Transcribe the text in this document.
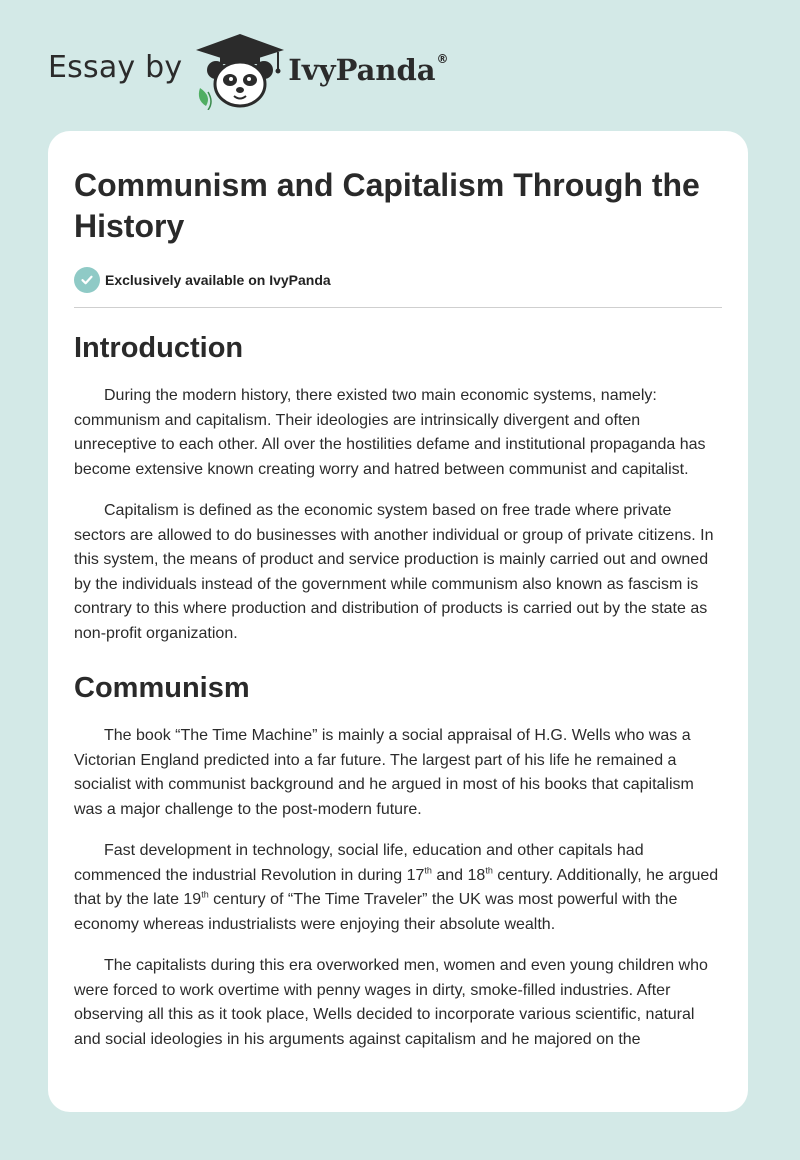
Essay by	IvyPanda®
Communism and Capitalism Through the History
Exclusively available on IvyPanda
Introduction

During the modern history, there existed two main economic systems, namely: communism and capitalism. Their ideologies are intrinsically divergent and often unreceptive to each other. All over the hostilities defame and institutional propaganda has become extensive known creating worry and hatred between communist and capitalist.

Capitalism is defined as the economic system based on free trade where private sectors are allowed to do businesses with another individual or group of private citizens. In this system, the means of product and service production is mainly carried out and owned by the individuals instead of the government while communism also known as fascism is contrary to this where production and distribution of products is carried out by the state as non-profit organization.

Communism

The book “The Time Machine” is mainly a social appraisal of H.G. Wells who was a Victorian England predicted into a far future. The largest part of his life he remained a socialist with communist background and he argued in most of his books that capitalism was a major challenge to the post-modern future.

Fast development in technology, social life, education and other capitals had commenced the industrial Revolution in during 17th and 18th century. Additionally, he argued that by the late 19th century of “The Time Traveler” the UK was most powerful with the economy whereas industrialists were enjoying their absolute wealth.

The capitalists during this era overworked men, women and even young children who were forced to work overtime with penny wages in dirty, smoke-filled industries. After observing all this as it took place, Wells decided to incorporate various scientific, natural and social ideologies in his arguments against capitalism and he majored on the
